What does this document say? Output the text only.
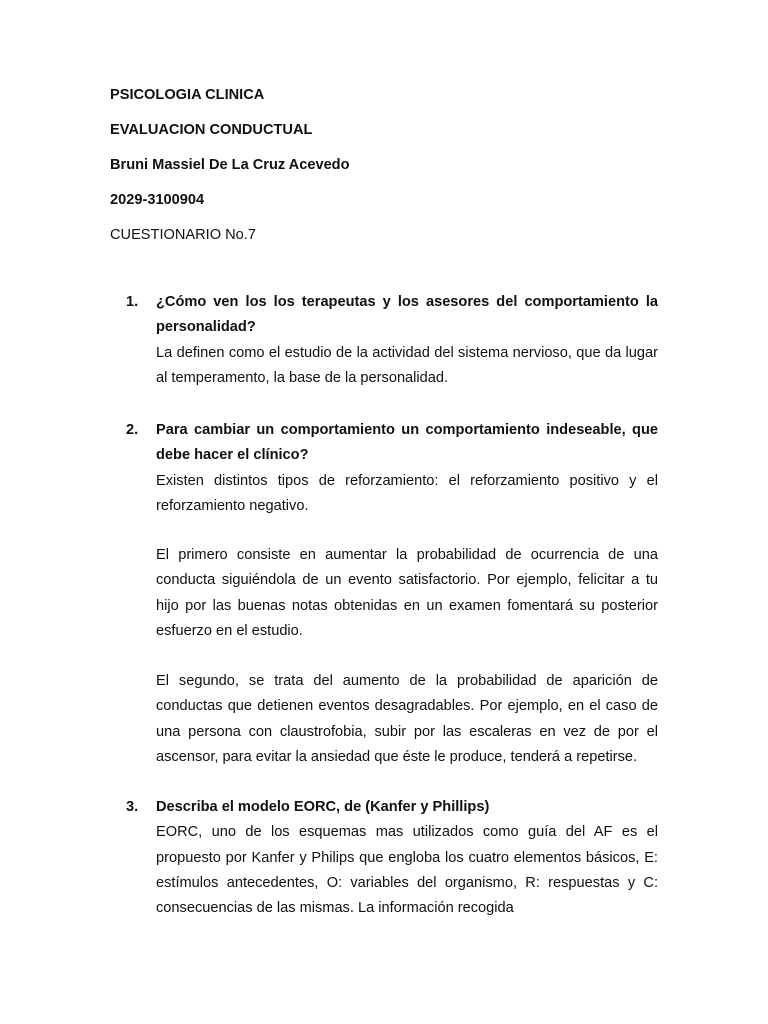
PSICOLOGIA CLINICA
EVALUACION CONDUCTUAL
Bruni Massiel De La Cruz Acevedo
2029-3100904
CUESTIONARIO No.7
1.	¿Cómo ven los los terapeutas y los asesores del comportamiento la personalidad?
La definen como el estudio de la actividad del sistema nervioso, que da lugar al temperamento, la base de la personalidad.
2.	Para cambiar un comportamiento un comportamiento indeseable, que debe hacer el clínico?
Existen distintos tipos de reforzamiento: el reforzamiento positivo y el reforzamiento negativo.
El primero consiste en aumentar la probabilidad de ocurrencia de una conducta siguiéndola de un evento satisfactorio. Por ejemplo, felicitar a tu hijo por las buenas notas obtenidas en un examen fomentará su posterior esfuerzo en el estudio.
El segundo, se trata del aumento de la probabilidad de aparición de conductas que detienen eventos desagradables. Por ejemplo, en el caso de una persona con claustrofobia, subir por las escaleras en vez de por el ascensor, para evitar la ansiedad que éste le produce, tenderá a repetirse.
3.	Describa el modelo EORC, de (Kanfer y Phillips)
EORC, uno de los esquemas mas utilizados como guía del AF es el propuesto por Kanfer y Philips que engloba los cuatro elementos básicos, E: estímulos antecedentes, O: variables del organismo, R: respuestas y C: consecuencias de las mismas. La información recogida
